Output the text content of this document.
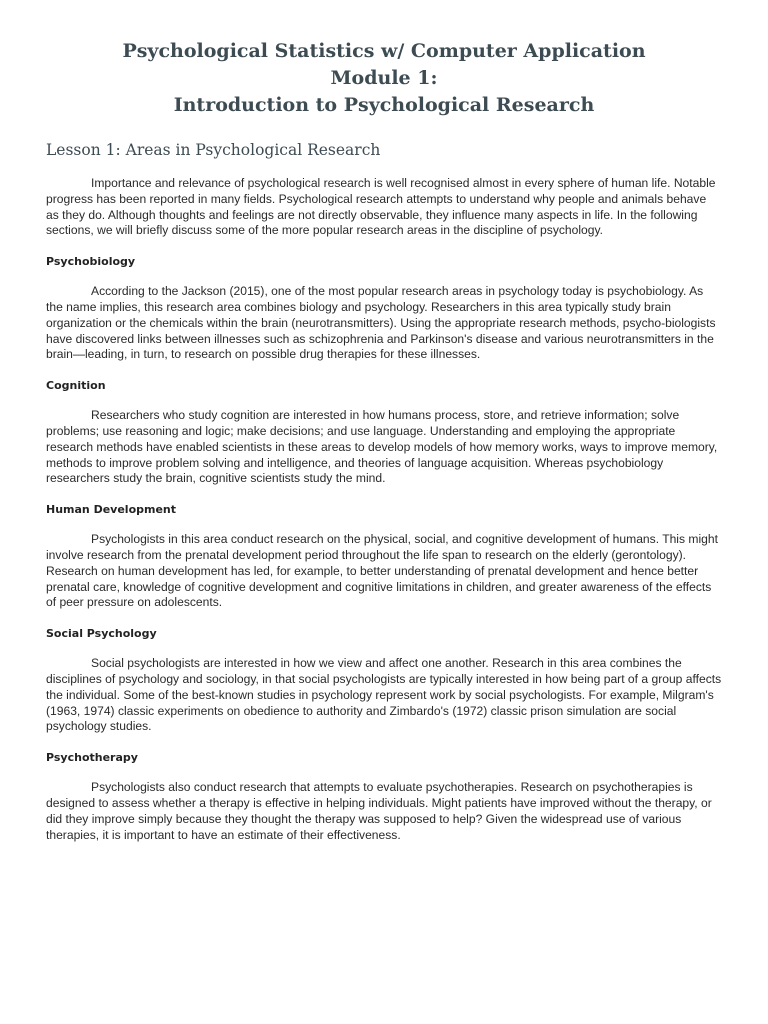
Psychological Statistics w/ Computer Application
Module 1:
Introduction to Psychological Research
Lesson 1: Areas in Psychological Research

Importance and relevance of psychological research is well recognised almost in every sphere of human life. Notable progress has been reported in many fields. Psychological research attempts to understand why people and animals behave as they do. Although thoughts and feelings are not directly observable, they influence many aspects in life. In the following sections, we will briefly discuss some of the more popular research areas in the discipline of psychology.

Psychobiology

According to the Jackson (2015), one of the most popular research areas in psychology today is psychobiology. As the name implies, this research area combines biology and psychology. Researchers in this area typically study brain organization or the chemicals within the brain (neurotransmitters). Using the appropriate research methods, psycho-biologists have discovered links between illnesses such as schizophrenia and Parkinson's disease and various neurotransmitters in the brain—leading, in turn, to research on possible drug therapies for these illnesses.

Cognition

Researchers who study cognition are interested in how humans process, store, and retrieve information; solve problems; use reasoning and logic; make decisions; and use language. Understanding and employing the appropriate research methods have enabled scientists in these areas to develop models of how memory works, ways to improve memory, methods to improve problem solving and intelligence, and theories of language acquisition. Whereas psychobiology researchers study the brain, cognitive scientists study the mind.

Human Development

Psychologists in this area conduct research on the physical, social, and cognitive development of humans. This might involve research from the prenatal development period throughout the life span to research on the elderly (gerontology). Research on human development has led, for example, to better understanding of prenatal development and hence better prenatal care, knowledge of cognitive development and cognitive limitations in children, and greater awareness of the effects of peer pressure on adolescents.

Social Psychology

Social psychologists are interested in how we view and affect one another. Research in this area combines the disciplines of psychology and sociology, in that social psychologists are typically interested in how being part of a group affects the individual. Some of the best-known studies in psychology represent work by social psychologists. For example, Milgram's (1963, 1974) classic experiments on obedience to authority and Zimbardo's (1972) classic prison simulation are social psychology studies.

Psychotherapy

Psychologists also conduct research that attempts to evaluate psychotherapies. Research on psychotherapies is designed to assess whether a therapy is effective in helping individuals. Might patients have improved without the therapy, or did they improve simply because they thought the therapy was supposed to help? Given the widespread use of various therapies, it is important to have an estimate of their effectiveness.
